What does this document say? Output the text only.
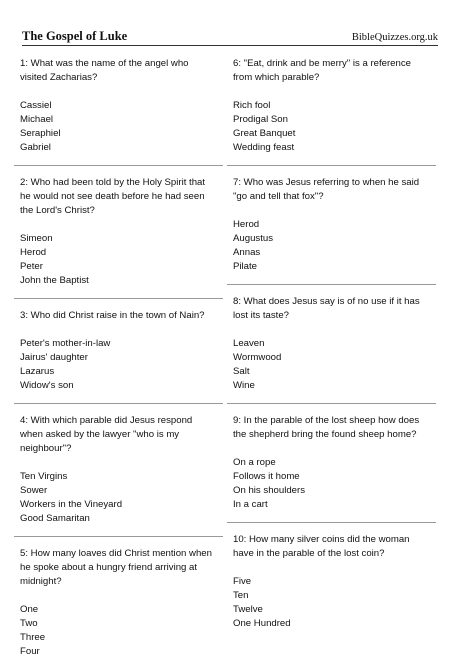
The Gospel of Luke	BibleQuizzes.org.uk

1: What was the name of the angel who visited Zacharias?

Cassiel
Michael
Seraphiel
Gabriel

2: Who had been told by the Holy Spirit that he would not see death before he had seen the Lord's Christ?

Simeon
Herod
Peter
John the Baptist

3: Who did Christ raise in the town of Nain?

Peter's mother-in-law
Jairus' daughter
Lazarus
Widow's son

4: With which parable did Jesus respond when asked by the lawyer "who is my neighbour"?

Ten Virgins
Sower
Workers in the Vineyard
Good Samaritan

5: How many loaves did Christ mention when he spoke about a hungry friend arriving at midnight?

One
Two
Three
Four

6: "Eat, drink and be merry" is a reference from which parable?

Rich fool
Prodigal Son
Great Banquet
Wedding feast

7: Who was Jesus referring to when he said "go and tell that fox"?

Herod
Augustus
Annas
Pilate

8: What does Jesus say is of no use if it has lost its taste?

Leaven
Wormwood
Salt
Wine

9: In the parable of the lost sheep how does the shepherd bring the found sheep home?

On a rope
Follows it home
On his shoulders
In a cart

10: How many silver coins did the woman have in the parable of the lost coin?

Five
Ten
Twelve
One Hundred
